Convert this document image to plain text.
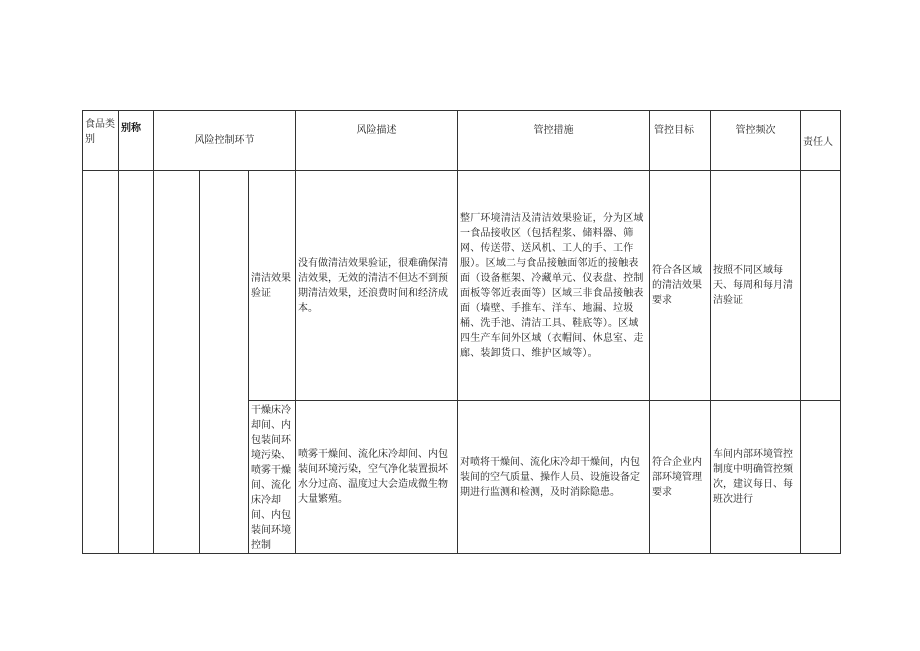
食品类别	别称	风险控制环节			风险描述	管控措施	管控目标	管控频次	责任人
				清洁效果验证	没有做清洁效果验证，很难确保清洁效果，无效的清洁不但达不到预期清洁效果，还浪费时间和经济成本。	整厂环境清洁及清洁效果验证，分为区域一食品接收区（包括程浆、储料器、筛网、传送带、送风机、工人的手、工作服）。区域二与食品接触面邻近的接触表面（设备框架、冷藏单元、仪表盘、控制面板等邻近表面等）区域三非食品接触表面（墙壁、手推车、洋车、地漏、垃圾桶、洗手池、清洁工具、鞋底等）。区域四生产车间外区域（衣帽间、休息室、走廊、装卸货口、维护区域等）。	符合各区域的清洁效果要求	按照不同区域每天、每周和每月清洁验证	
				干燥床冷却间、内包装间环境污染、喷雾干燥间、流化床冷却间、内包装间环境控制	喷雾干燥间、流化床冷却间、内包装间环境污染，空气净化装置损坏水分过高、温度过大会造成微生物大量繁殖。	对喷将干燥间、流化床冷却干燥间，内包装间的空气质量、操作人员、设施设备定期进行监测和检测，及时消除隐患。	符合企业内部环境管理要求	车间内部环境管控制度中明确管控频次，建议每日、每班次进行	
